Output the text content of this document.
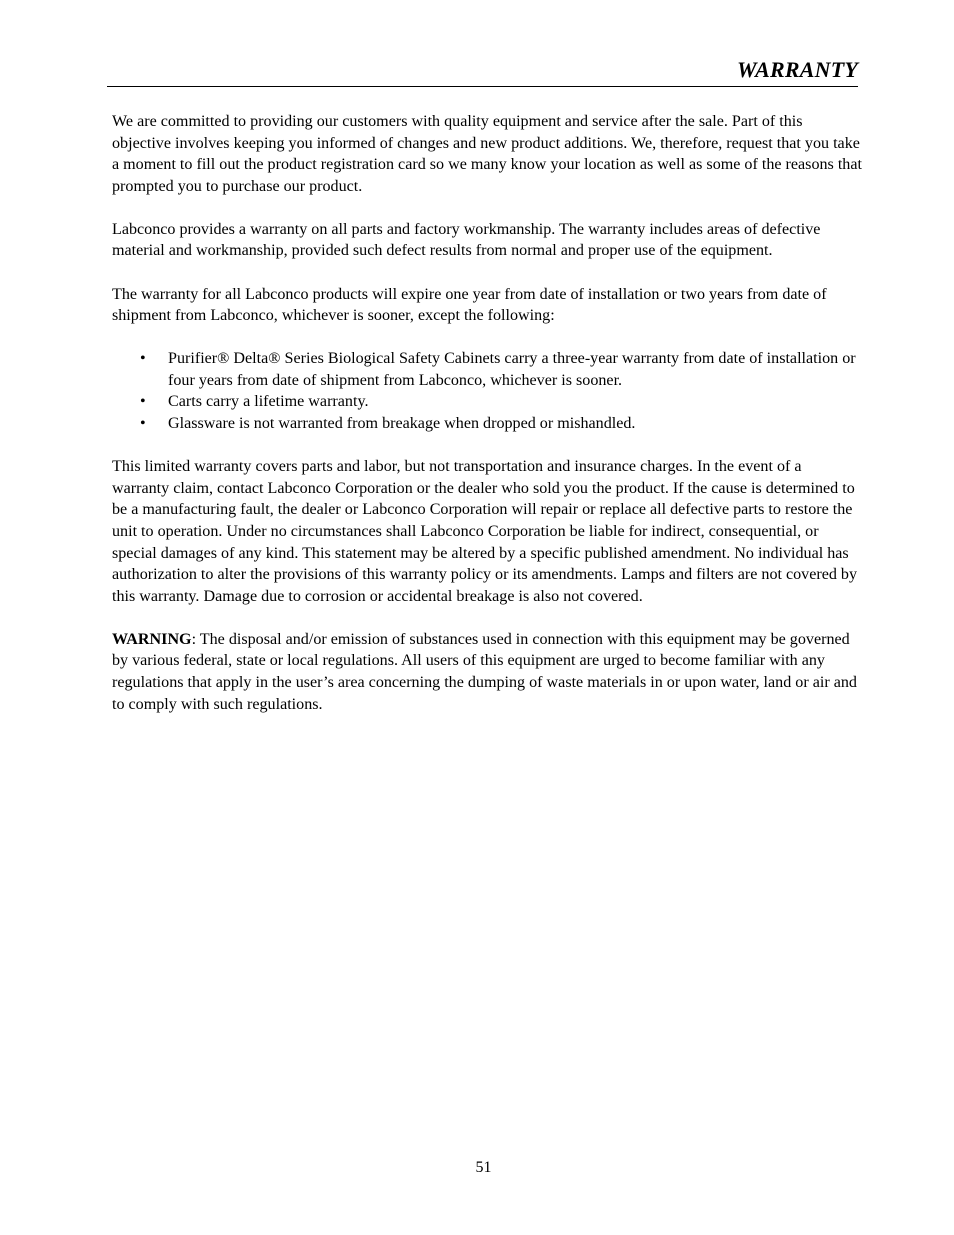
WARRANTY

We are committed to providing our customers with quality equipment and service after the sale. Part of this objective involves keeping you informed of changes and new product additions. We, therefore, request that you take a moment to fill out the product registration card so we many know your location as well as some of the reasons that prompted you to purchase our product.

Labconco provides a warranty on all parts and factory workmanship. The warranty includes areas of defective material and workmanship, provided such defect results from normal and proper use of the equipment.

The warranty for all Labconco products will expire one year from date of installation or two years from date of shipment from Labconco, whichever is sooner, except the following:

• Purifier® Delta® Series Biological Safety Cabinets carry a three-year warranty from date of installation or four years from date of shipment from Labconco, whichever is sooner.
• Carts carry a lifetime warranty.
• Glassware is not warranted from breakage when dropped or mishandled.

This limited warranty covers parts and labor, but not transportation and insurance charges. In the event of a warranty claim, contact Labconco Corporation or the dealer who sold you the product. If the cause is determined to be a manufacturing fault, the dealer or Labconco Corporation will repair or replace all defective parts to restore the unit to operation. Under no circumstances shall Labconco Corporation be liable for indirect, consequential, or special damages of any kind. This statement may be altered by a specific published amendment. No individual has authorization to alter the provisions of this warranty policy or its amendments. Lamps and filters are not covered by this warranty. Damage due to corrosion or accidental breakage is also not covered.

WARNING: The disposal and/or emission of substances used in connection with this equipment may be governed by various federal, state or local regulations. All users of this equipment are urged to become familiar with any regulations that apply in the user’s area concerning the dumping of waste materials in or upon water, land or air and to comply with such regulations.

51
